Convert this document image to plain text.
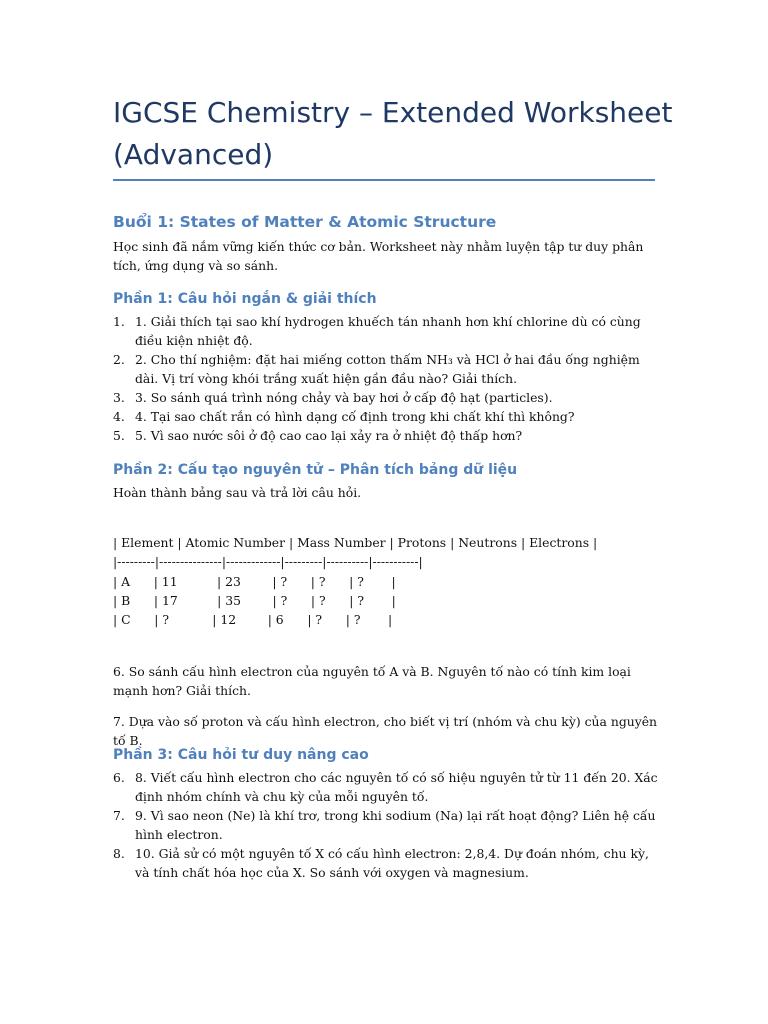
IGCSE Chemistry – Extended Worksheet (Advanced)
Buổi 1: States of Matter & Atomic Structure

Học sinh đã nắm vững kiến thức cơ bản. Worksheet này nhằm luyện tập tư duy phân tích, ứng dụng và so sánh.

Phần 1: Câu hỏi ngắn & giải thích
1. 1. Giải thích tại sao khí hydrogen khuếch tán nhanh hơn khí chlorine dù có cùng điều kiện nhiệt độ.
2. 2. Cho thí nghiệm: đặt hai miếng cotton thấm NH₃ và HCl ở hai đầu ống nghiệm dài. Vị trí vòng khói trắng xuất hiện gần đầu nào? Giải thích.
3. 3. So sánh quá trình nóng chảy và bay hơi ở cấp độ hạt (particles).
4. 4. Tại sao chất rắn có hình dạng cố định trong khi chất khí thì không?
5. 5. Vì sao nước sôi ở độ cao cao lại xảy ra ở nhiệt độ thấp hơn?
Phần 2: Cấu tạo nguyên tử – Phân tích bảng dữ liệu

Hoàn thành bảng sau và trả lời câu hỏi.

| Element | Atomic Number | Mass Number | Protons | Neutrons | Electrons |
|---------|---------------|-------------|---------|----------|-----------|
| A      | 11          | 23        | ?      | ?      | ?       |
| B      | 17          | 35        | ?      | ?      | ?       |
| C      | ?           | 12        | 6      | ?      | ?       |

6. So sánh cấu hình electron của nguyên tố A và B. Nguyên tố nào có tính kim loại mạnh hơn? Giải thích.

7. Dựa vào số proton và cấu hình electron, cho biết vị trí (nhóm và chu kỳ) của nguyên tố B.

Phần 3: Câu hỏi tư duy nâng cao
6. 8. Viết cấu hình electron cho các nguyên tố có số hiệu nguyên tử từ 11 đến 20. Xác định nhóm chính và chu kỳ của mỗi nguyên tố.
7. 9. Vì sao neon (Ne) là khí trơ, trong khi sodium (Na) lại rất hoạt động? Liên hệ cấu hình electron.
8. 10. Giả sử có một nguyên tố X có cấu hình electron: 2,8,4. Dự đoán nhóm, chu kỳ, và tính chất hóa học của X. So sánh với oxygen và magnesium.
